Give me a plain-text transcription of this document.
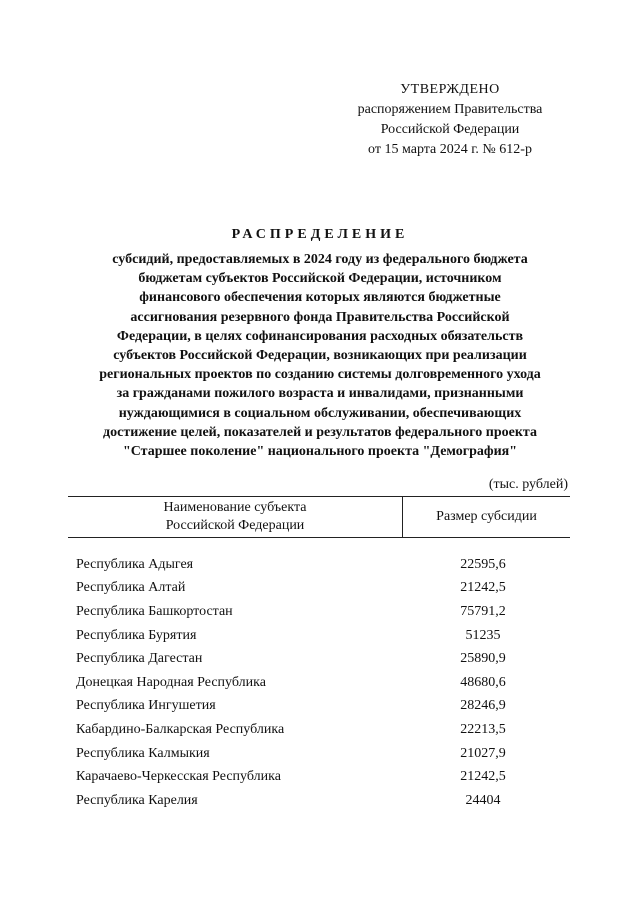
УТВЕРЖДЕНО
распоряжением Правительства
Российской Федерации
от 15 марта 2024 г. № 612-р
РАСПРЕДЕЛЕНИЕ
субсидий, предоставляемых в 2024 году из федерального бюджета
бюджетам субъектов Российской Федерации, источником
финансового обеспечения которых являются бюджетные
ассигнования резервного фонда Правительства Российской
Федерации, в целях софинансирования расходных обязательств
субъектов Российской Федерации, возникающих при реализации
региональных проектов по созданию системы долговременного ухода
за гражданами пожилого возраста и инвалидами, признанными
нуждающимися в социальном обслуживании, обеспечивающих
достижение целей, показателей и результатов федерального проекта
"Старшее поколение" национального проекта "Демография"
(тыс. рублей)
Наименование субъекта
Российской Федерации
Размер субсидии
Республика Адыгея	22595,6
Республика Алтай	21242,5
Республика Башкортостан	75791,2
Республика Бурятия	51235
Республика Дагестан	25890,9
Донецкая Народная Республика	48680,6
Республика Ингушетия	28246,9
Кабардино-Балкарская Республика	22213,5
Республика Калмыкия	21027,9
Карачаево-Черкесская Республика	21242,5
Республика Карелия	24404
